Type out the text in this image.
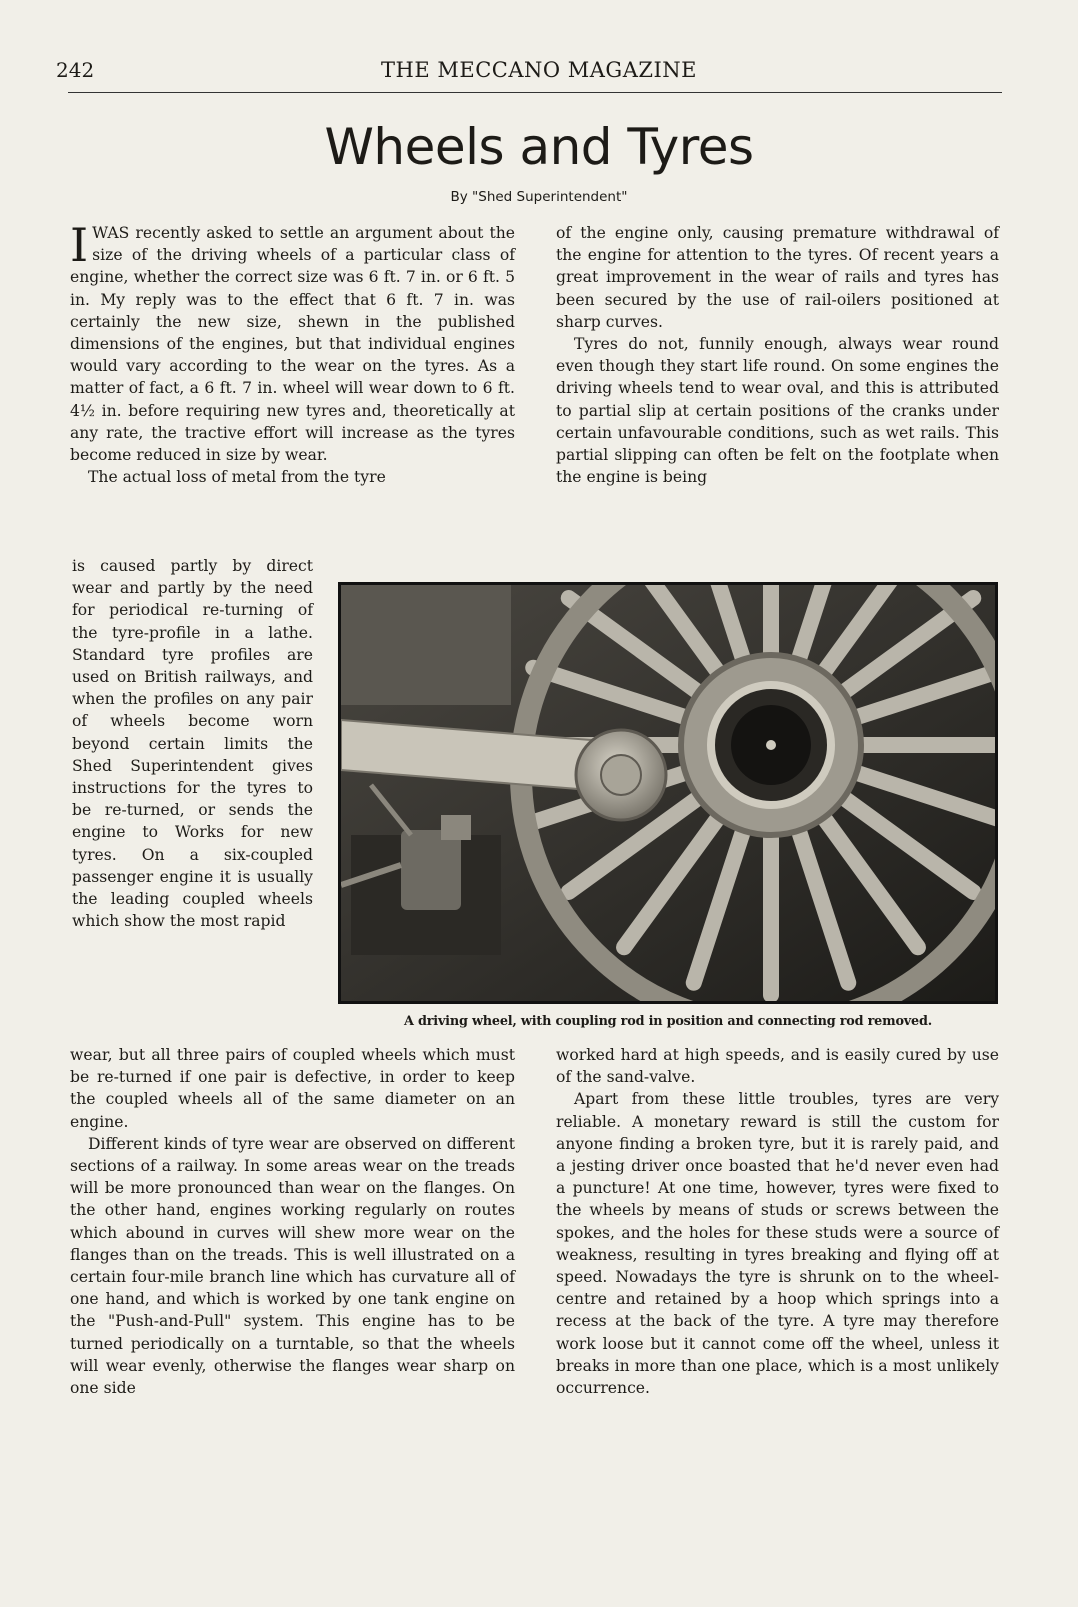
242	THE MECCANO MAGAZINE
Wheels and Tyres
By "Shed Superintendent"

IWAS recently asked to settle an argument about the size of the driving wheels of a particular class of engine, whether the correct size was 6 ft. 7 in. or 6 ft. 5 in. My reply was to the effect that 6 ft. 7 in. was certainly the new size, shewn in the published dimensions of the engines, but that individual engines would vary according to the wear on the tyres. As a matter of fact, a 6 ft. 7 in. wheel will wear down to 6 ft. 4½ in. before requiring new tyres and, theoretically at any rate, the tractive effort will increase as the tyres become reduced in size by wear.

The actual loss of metal from the tyre

is caused partly by direct wear and partly by the need for periodical re-turning of the tyre-profile in a lathe. Standard tyre profiles are used on British railways, and when the profiles on any pair of wheels become worn beyond certain limits the Shed Superintendent gives instructions for the tyres to be re-turned, or sends the engine to Works for new tyres. On a six-coupled passenger engine it is usually the leading coupled wheels which show the most rapid

wear, but all three pairs of coupled wheels which must be re-turned if one pair is defective, in order to keep the coupled wheels all of the same diameter on an engine.

Different kinds of tyre wear are observed on different sections of a railway. In some areas wear on the treads will be more pronounced than wear on the flanges. On the other hand, engines working regularly on routes which abound in curves will shew more wear on the flanges than on the treads. This is well illustrated on a certain four-mile branch line which has curvature all of one hand, and which is worked by one tank engine on the "Push-and-Pull" system. This engine has to be turned periodically on a turntable, so that the wheels will wear evenly, otherwise the flanges wear sharp on one side

of the engine only, causing premature withdrawal of the engine for attention to the tyres. Of recent years a great improvement in the wear of rails and tyres has been secured by the use of rail-oilers positioned at sharp curves.

Tyres do not, funnily enough, always wear round even though they start life round. On some engines the driving wheels tend to wear oval, and this is attributed to partial slip at certain positions of the cranks under certain unfavourable conditions, such as wet rails. This partial slipping can often be felt on the footplate when the engine is being

worked hard at high speeds, and is easily cured by use of the sand-valve.

Apart from these little troubles, tyres are very reliable. A monetary reward is still the custom for anyone finding a broken tyre, but it is rarely paid, and a jesting driver once boasted that he'd never even had a puncture! At one time, however, tyres were fixed to the wheels by means of studs or screws between the spokes, and the holes for these studs were a source of weakness, resulting in tyres breaking and flying off at speed. Nowadays the tyre is shrunk on to the wheel-centre and retained by a hoop which springs into a recess at the back of the tyre. A tyre may therefore work loose but it cannot come off the wheel, unless it breaks in more than one place, which is a most unlikely occurrence.

A driving wheel, with coupling rod in position and connecting rod removed.
